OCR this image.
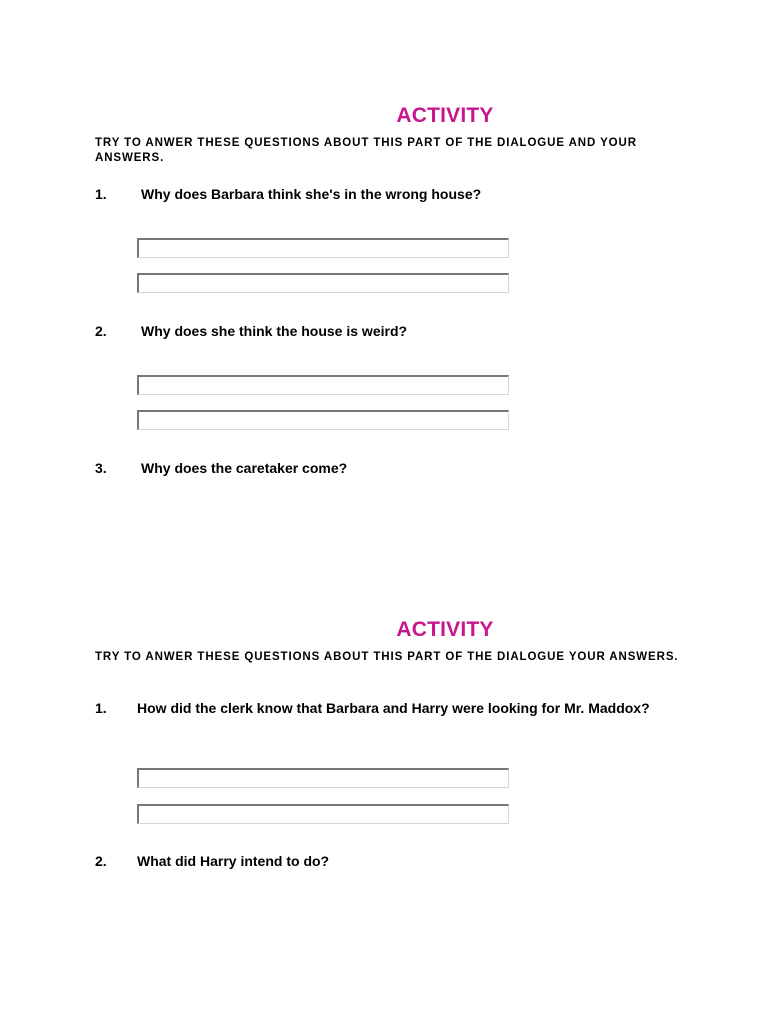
ACTIVITY
TRY TO ANWER THESE QUESTIONS ABOUT THIS PART OF THE DIALOGUE AND YOUR ANSWERS.
1. Why does Barbara think she's in the wrong house?
2. Why does she think the house is weird?
3. Why does the caretaker come?
ACTIVITY
TRY TO ANWER THESE QUESTIONS ABOUT THIS PART OF THE DIALOGUE YOUR ANSWERS.
1. How did the clerk know that Barbara and Harry were looking for Mr. Maddox?
2. What did Harry intend to do?
